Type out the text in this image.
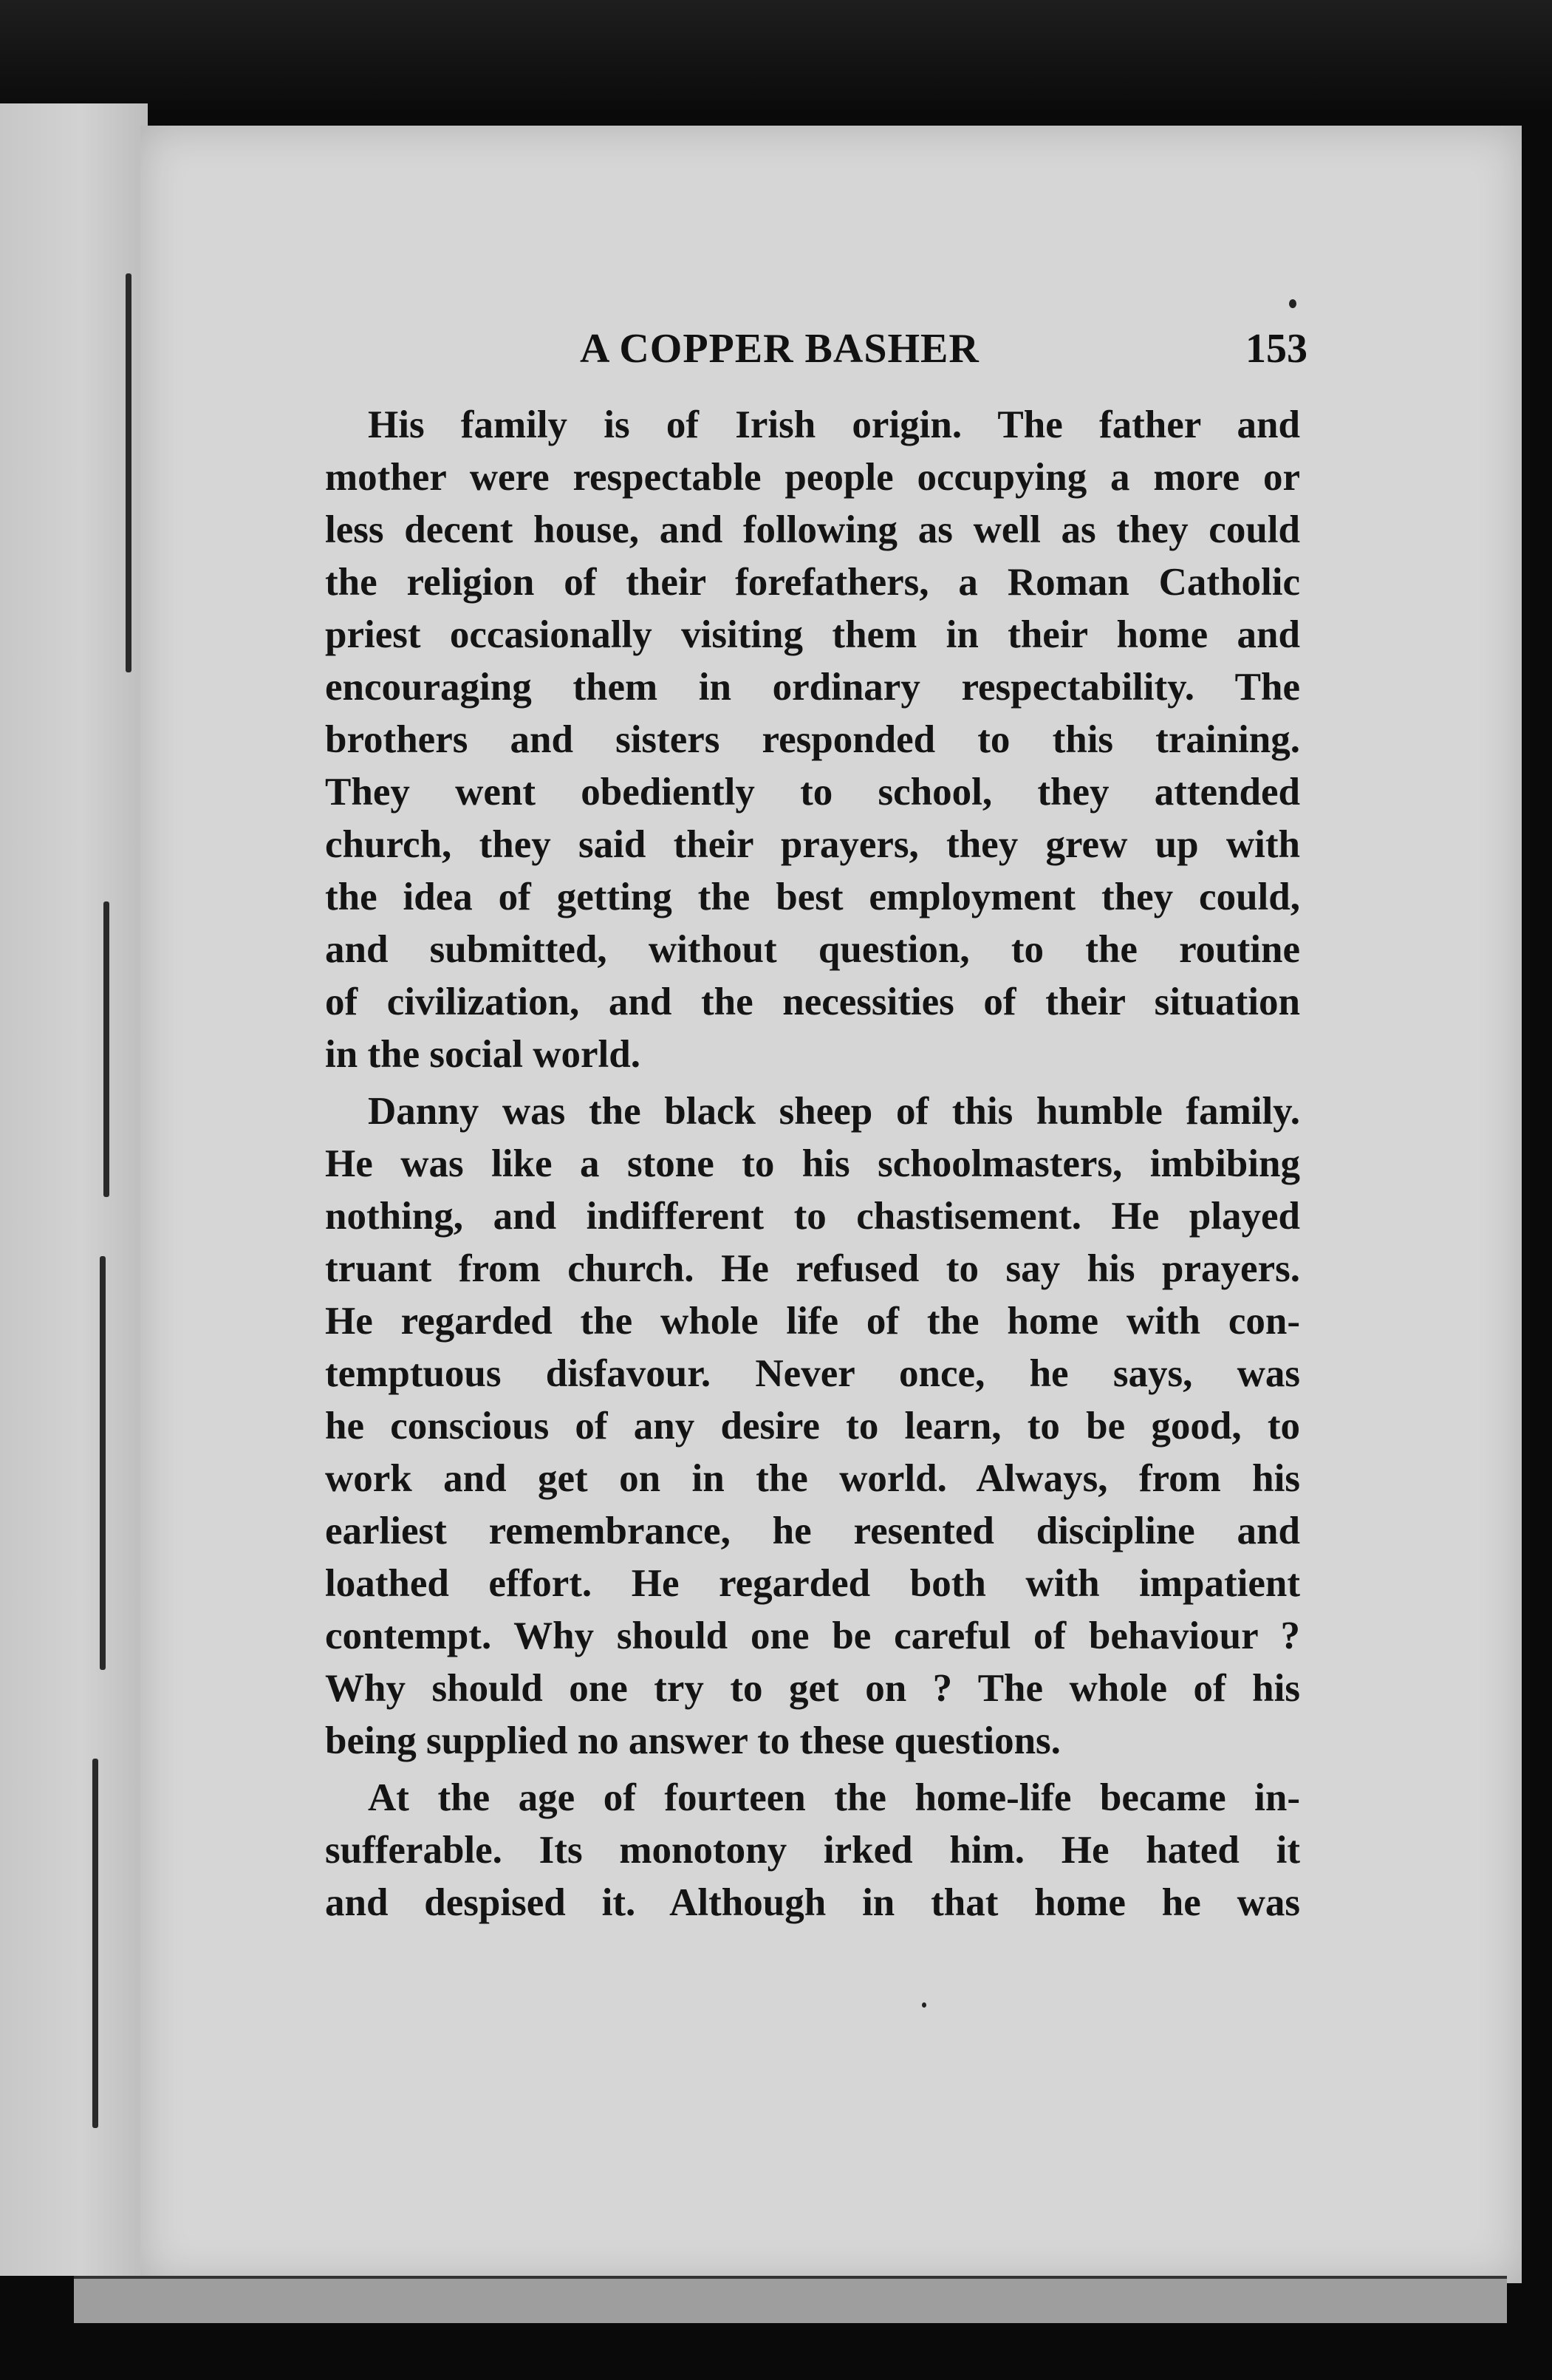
A COPPER BASHER	153
His family is of Irish origin. The father and
mother were respectable people occupying a more or
less decent house, and following as well as they could
the religion of their forefathers, a Roman Catholic
priest occasionally visiting them in their home and
encouraging them in ordinary respectability. The
brothers and sisters responded to this training.
They went obediently to school, they attended
church, they said their prayers, they grew up with
the idea of getting the best employment they could,
and submitted, without question, to the routine
of civilization, and the necessities of their situation
in the social world.
Danny was the black sheep of this humble family.
He was like a stone to his schoolmasters, imbibing
nothing, and indifferent to chastisement. He played
truant from church. He refused to say his prayers.
He regarded the whole life of the home with con-
temptuous disfavour. Never once, he says, was
he conscious of any desire to learn, to be good, to
work and get on in the world. Always, from his
earliest remembrance, he resented discipline and
loathed effort. He regarded both with impatient
contempt. Why should one be careful of behaviour ?
Why should one try to get on ? The whole of his
being supplied no answer to these questions.
At the age of fourteen the home-life became in-
sufferable. Its monotony irked him. He hated it
and despised it. Although in that home he was
